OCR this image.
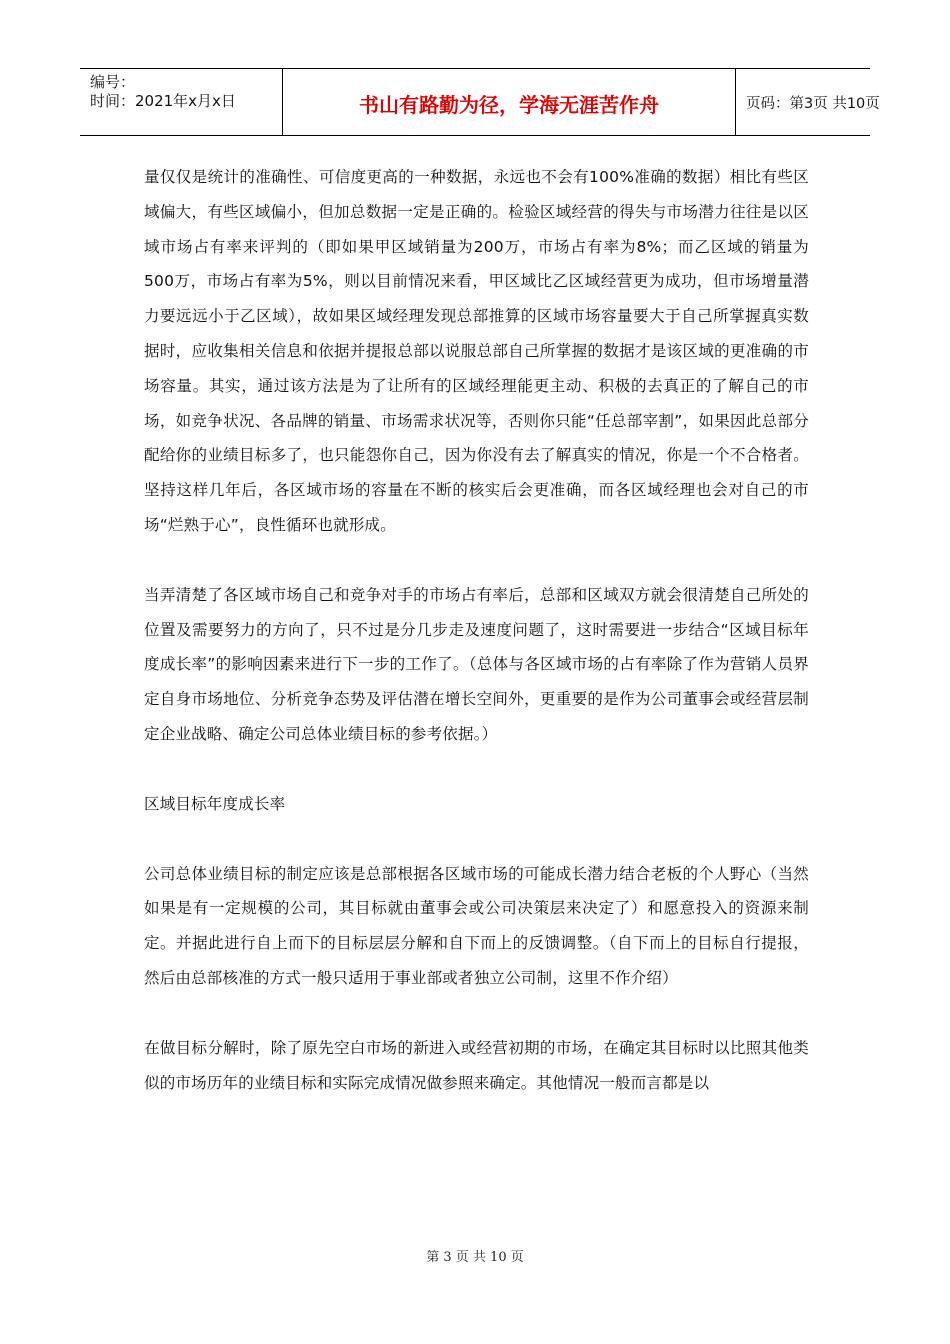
编号：
时间：2021年x月x日	书山有路勤为径，学海无涯苦作舟	页码：第3页 共10页

量仅仅是统计的准确性、可信度更高的一种数据，永远也不会有100%准确的数据）相比有些区域偏大，有些区域偏小，但加总数据一定是正确的。检验区域经营的得失与市场潜力往往是以区域市场占有率来评判的（即如果甲区域销量为200万，市场占有率为8%；而乙区域的销量为500万，市场占有率为5%，则以目前情况来看，甲区域比乙区域经营更为成功，但市场增量潜力要远远小于乙区域），故如果区域经理发现总部推算的区域市场容量要大于自己所掌握真实数据时，应收集相关信息和依据并提报总部以说服总部自己所掌握的数据才是该区域的更准确的市场容量。其实，通过该方法是为了让所有的区域经理能更主动、积极的去真正的了解自己的市场，如竞争状况、各品牌的销量、市场需求状况等，否则你只能“任总部宰割”，如果因此总部分配给你的业绩目标多了，也只能怨你自己，因为你没有去了解真实的情况，你是一个不合格者。坚持这样几年后，各区域市场的容量在不断的核实后会更准确，而各区域经理也会对自己的市场“烂熟于心”，良性循环也就形成。

当弄清楚了各区域市场自己和竞争对手的市场占有率后，总部和区域双方就会很清楚自己所处的位置及需要努力的方向了，只不过是分几步走及速度问题了，这时需要进一步结合“区域目标年度成长率”的影响因素来进行下一步的工作了。（总体与各区域市场的占有率除了作为营销人员界定自身市场地位、分析竞争态势及评估潜在增长空间外，更重要的是作为公司董事会或经营层制定企业战略、确定公司总体业绩目标的参考依据。）

区域目标年度成长率

公司总体业绩目标的制定应该是总部根据各区域市场的可能成长潜力结合老板的个人野心（当然如果是有一定规模的公司，其目标就由董事会或公司决策层来决定了）和愿意投入的资源来制定。并据此进行自上而下的目标层层分解和自下而上的反馈调整。（自下而上的目标自行提报，然后由总部核准的方式一般只适用于事业部或者独立公司制，这里不作介绍）

在做目标分解时，除了原先空白市场的新进入或经营初期的市场，在确定其目标时以比照其他类似的市场历年的业绩目标和实际完成情况做参照来确定。其他情况一般而言都是以

第 3 页 共 10 页
